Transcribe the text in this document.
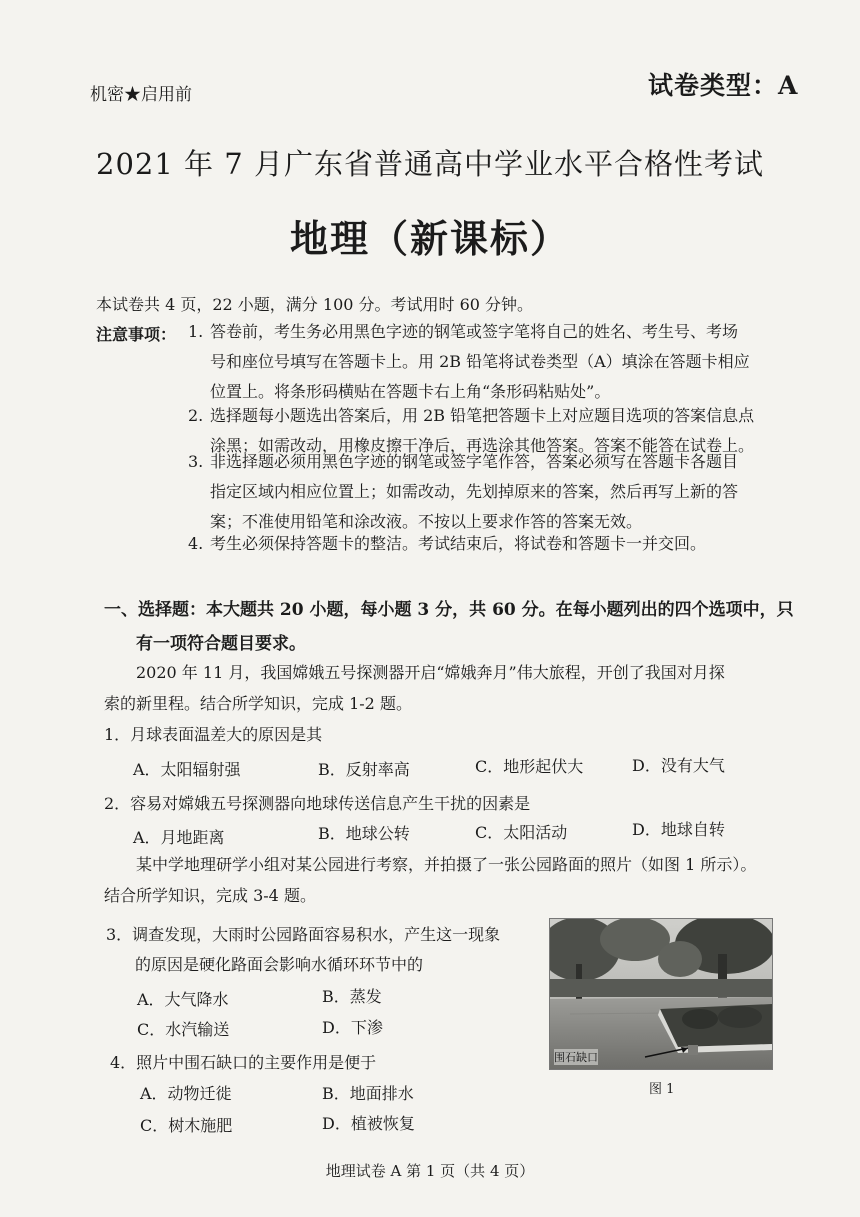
机密★启用前	试卷类型：A
2021 年 7 月广东省普通高中学业水平合格性考试
地理（新课标）
本试卷共 4 页，22 小题，满分 100 分。考试用时 60 分钟。
注意事项： 1. 答卷前，考生务必用黑色字迹的钢笔或签字笔将自己的姓名、考生号、考场
号和座位号填写在答题卡上。用 2B 铅笔将试卷类型（A）填涂在答题卡相应
位置上。将条形码横贴在答题卡右上角“条形码粘贴处”。
2. 选择题每小题选出答案后，用 2B 铅笔把答题卡上对应题目选项的答案信息点
涂黑；如需改动，用橡皮擦干净后，再选涂其他答案。答案不能答在试卷上。
3. 非选择题必须用黑色字迹的钢笔或签字笔作答，答案必须写在答题卡各题目
指定区域内相应位置上；如需改动，先划掉原来的答案，然后再写上新的答
案；不准使用铅笔和涂改液。不按以上要求作答的答案无效。
4. 考生必须保持答题卡的整洁。考试结束后，将试卷和答题卡一并交回。
一、选择题：本大题共 20 小题，每小题 3 分，共 60 分。在每小题列出的四个选项中，只
有一项符合题目要求。
2020 年 11 月，我国嫦娥五号探测器开启“嫦娥奔月”伟大旅程，开创了我国对月探
索的新里程。结合所学知识，完成 1-2 题。
1．月球表面温差大的原因是其
A．太阳辐射强	B．反射率高	C．地形起伏大	D．没有大气
2．容易对嫦娥五号探测器向地球传送信息产生干扰的因素是
A．月地距离	B．地球公转	C．太阳活动	D．地球自转
某中学地理研学小组对某公园进行考察，并拍摄了一张公园路面的照片（如图 1 所示）。
结合所学知识，完成 3-4 题。
3．调查发现，大雨时公园路面容易积水，产生这一现象
的原因是硬化路面会影响水循环环节中的
A．大气降水	B．蒸发
C．水汽输送	D．下渗
4．照片中围石缺口的主要作用是便于
A．动物迁徙	B．地面排水
C．树木施肥	D．植被恢复
围石缺口
图 1
地理试卷 A 第 1 页（共 4 页）
